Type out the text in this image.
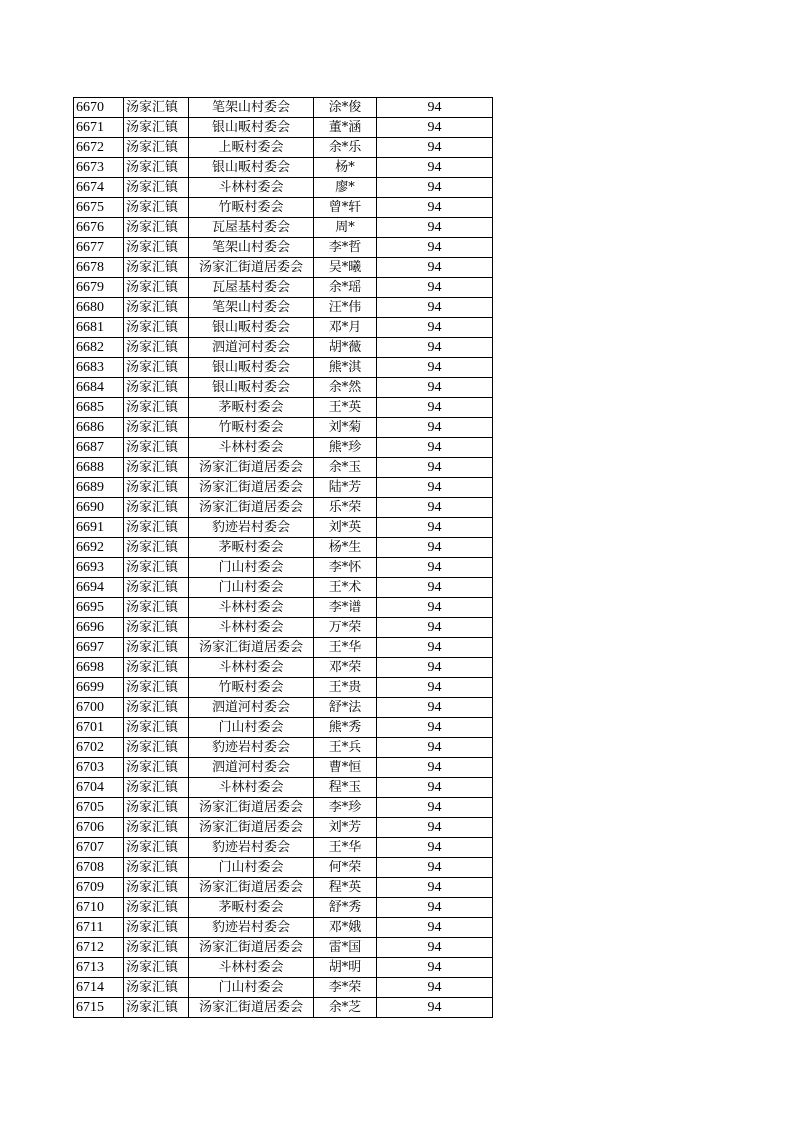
6670	汤家汇镇	笔架山村委会	涂*俊	94
6671	汤家汇镇	银山畈村委会	董*涵	94
6672	汤家汇镇	上畈村委会	余*乐	94
6673	汤家汇镇	银山畈村委会	杨*	94
6674	汤家汇镇	斗林村委会	廖*	94
6675	汤家汇镇	竹畈村委会	曾*轩	94
6676	汤家汇镇	瓦屋基村委会	周*	94
6677	汤家汇镇	笔架山村委会	李*哲	94
6678	汤家汇镇	汤家汇街道居委会	吴*曦	94
6679	汤家汇镇	瓦屋基村委会	余*瑶	94
6680	汤家汇镇	笔架山村委会	汪*伟	94
6681	汤家汇镇	银山畈村委会	邓*月	94
6682	汤家汇镇	泗道河村委会	胡*薇	94
6683	汤家汇镇	银山畈村委会	熊*淇	94
6684	汤家汇镇	银山畈村委会	余*然	94
6685	汤家汇镇	茅畈村委会	王*英	94
6686	汤家汇镇	竹畈村委会	刘*菊	94
6687	汤家汇镇	斗林村委会	熊*珍	94
6688	汤家汇镇	汤家汇街道居委会	余*玉	94
6689	汤家汇镇	汤家汇街道居委会	陆*芳	94
6690	汤家汇镇	汤家汇街道居委会	乐*荣	94
6691	汤家汇镇	豹迹岩村委会	刘*英	94
6692	汤家汇镇	茅畈村委会	杨*生	94
6693	汤家汇镇	门山村委会	李*怀	94
6694	汤家汇镇	门山村委会	王*术	94
6695	汤家汇镇	斗林村委会	李*谱	94
6696	汤家汇镇	斗林村委会	万*荣	94
6697	汤家汇镇	汤家汇街道居委会	王*华	94
6698	汤家汇镇	斗林村委会	邓*荣	94
6699	汤家汇镇	竹畈村委会	王*贵	94
6700	汤家汇镇	泗道河村委会	舒*法	94
6701	汤家汇镇	门山村委会	熊*秀	94
6702	汤家汇镇	豹迹岩村委会	王*兵	94
6703	汤家汇镇	泗道河村委会	曹*恒	94
6704	汤家汇镇	斗林村委会	程*玉	94
6705	汤家汇镇	汤家汇街道居委会	李*珍	94
6706	汤家汇镇	汤家汇街道居委会	刘*芳	94
6707	汤家汇镇	豹迹岩村委会	王*华	94
6708	汤家汇镇	门山村委会	何*荣	94
6709	汤家汇镇	汤家汇街道居委会	程*英	94
6710	汤家汇镇	茅畈村委会	舒*秀	94
6711	汤家汇镇	豹迹岩村委会	邓*娥	94
6712	汤家汇镇	汤家汇街道居委会	雷*国	94
6713	汤家汇镇	斗林村委会	胡*明	94
6714	汤家汇镇	门山村委会	李*荣	94
6715	汤家汇镇	汤家汇街道居委会	余*芝	94
